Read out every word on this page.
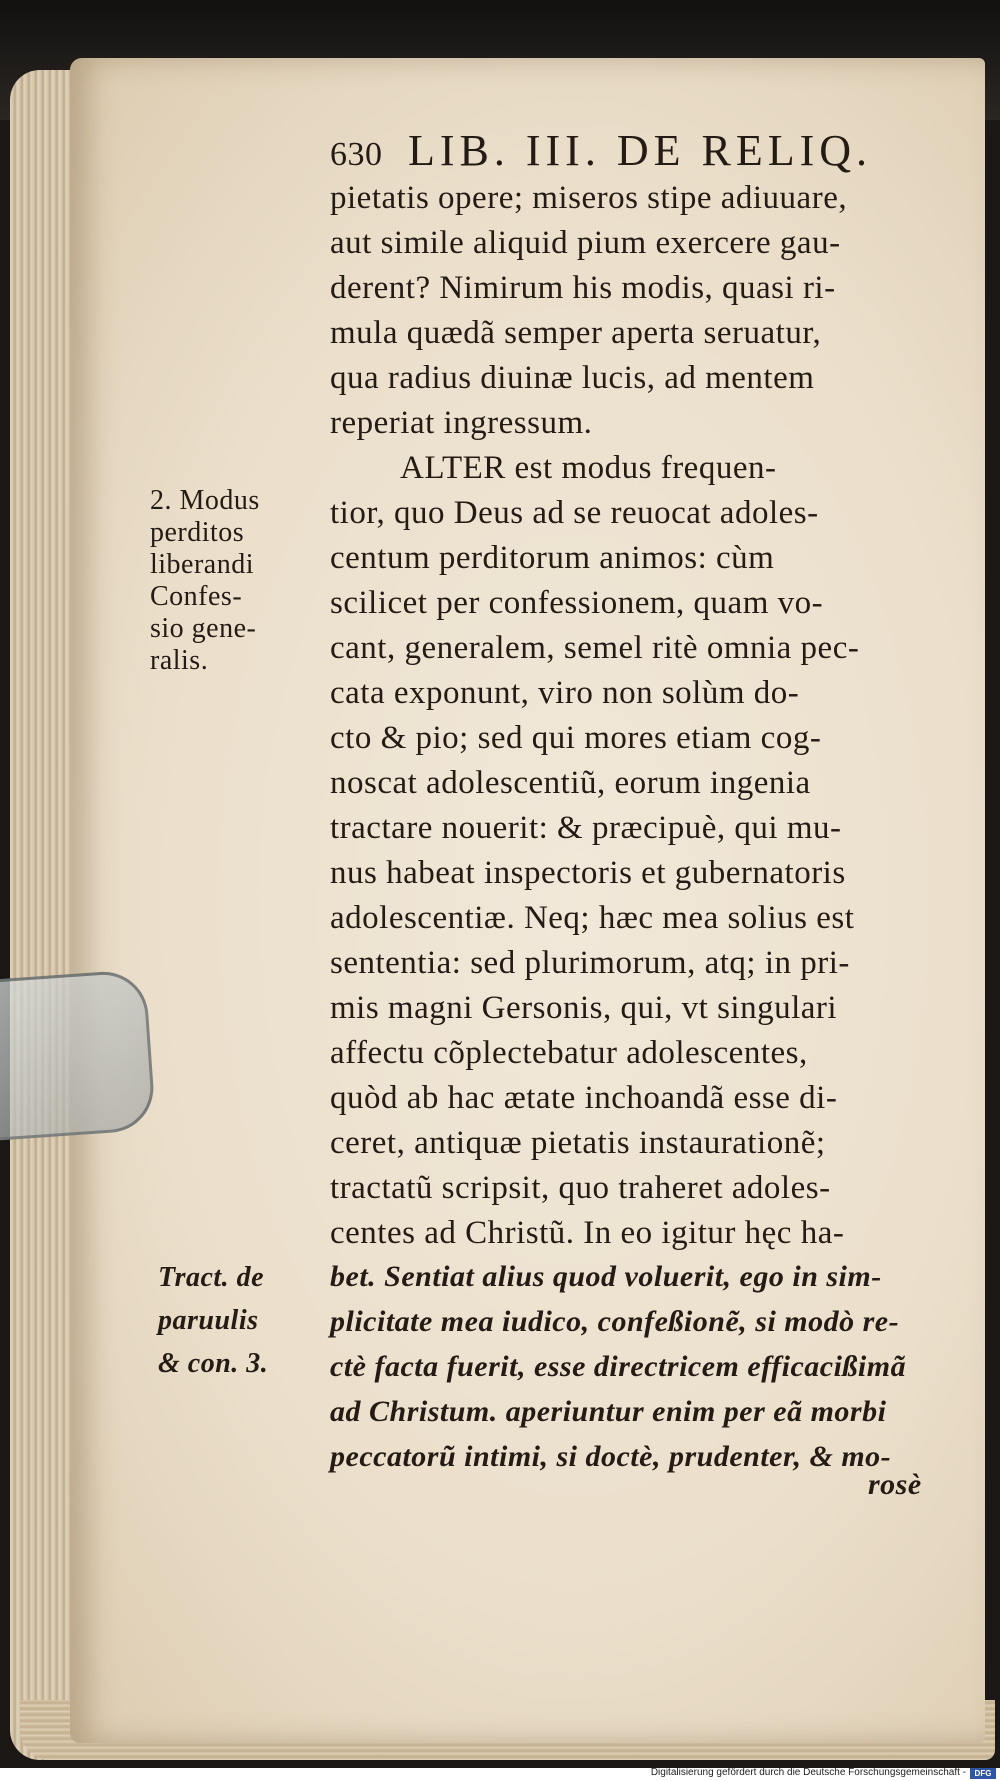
630 LIB. III. DE RELIQ.
pietatis opere; miseros stipe adiuuare,
aut simile aliquid pium exercere gau-
derent? Nimirum his modis, quasi ri-
mula quædã semper aperta seruatur,
qua radius diuinæ lucis, ad mentem
reperiat ingressum.
ALTER est modus frequen-
tior, quo Deus ad se reuocat adoles-
centum perditorum animos: cùm
scilicet per confessionem, quam vo-
cant, generalem, semel ritè omnia pec-
cata exponunt, viro non solùm do-
cto & pio; sed qui mores etiam cog-
noscat adolescentiũ, eorum ingenia
tractare nouerit: & præcipuè, qui mu-
nus habeat inspectoris et gubernatoris
adolescentiæ. Neq; hæc mea solius est
sententia: sed plurimorum, atq; in pri-
mis magni Gersonis, qui, vt singulari
affectu cõplectebatur adolescentes,
quòd ab hac ætate inchoandã esse di-
ceret, antiquæ pietatis instaurationẽ;
tractatũ scripsit, quo traheret adoles-
centes ad Christũ. In eo igitur hęc ha-
bet. Sentiat alius quod voluerit, ego in sim-
plicitate mea iudico, confeßionẽ, si modò re-
ctè facta fuerit, esse directricem efficacißimã
ad Christum. aperiuntur enim per eã morbi
peccatorũ intimi, si doctè, prudenter, & mo-
rosè
2. Modus
perditos
liberandi
Confes-
sio gene-
ralis.
Tract. de
paruulis
& con. 3.
Digitalisierung gefördert durch die Deutsche Forschungsgemeinschaft -	DFG
